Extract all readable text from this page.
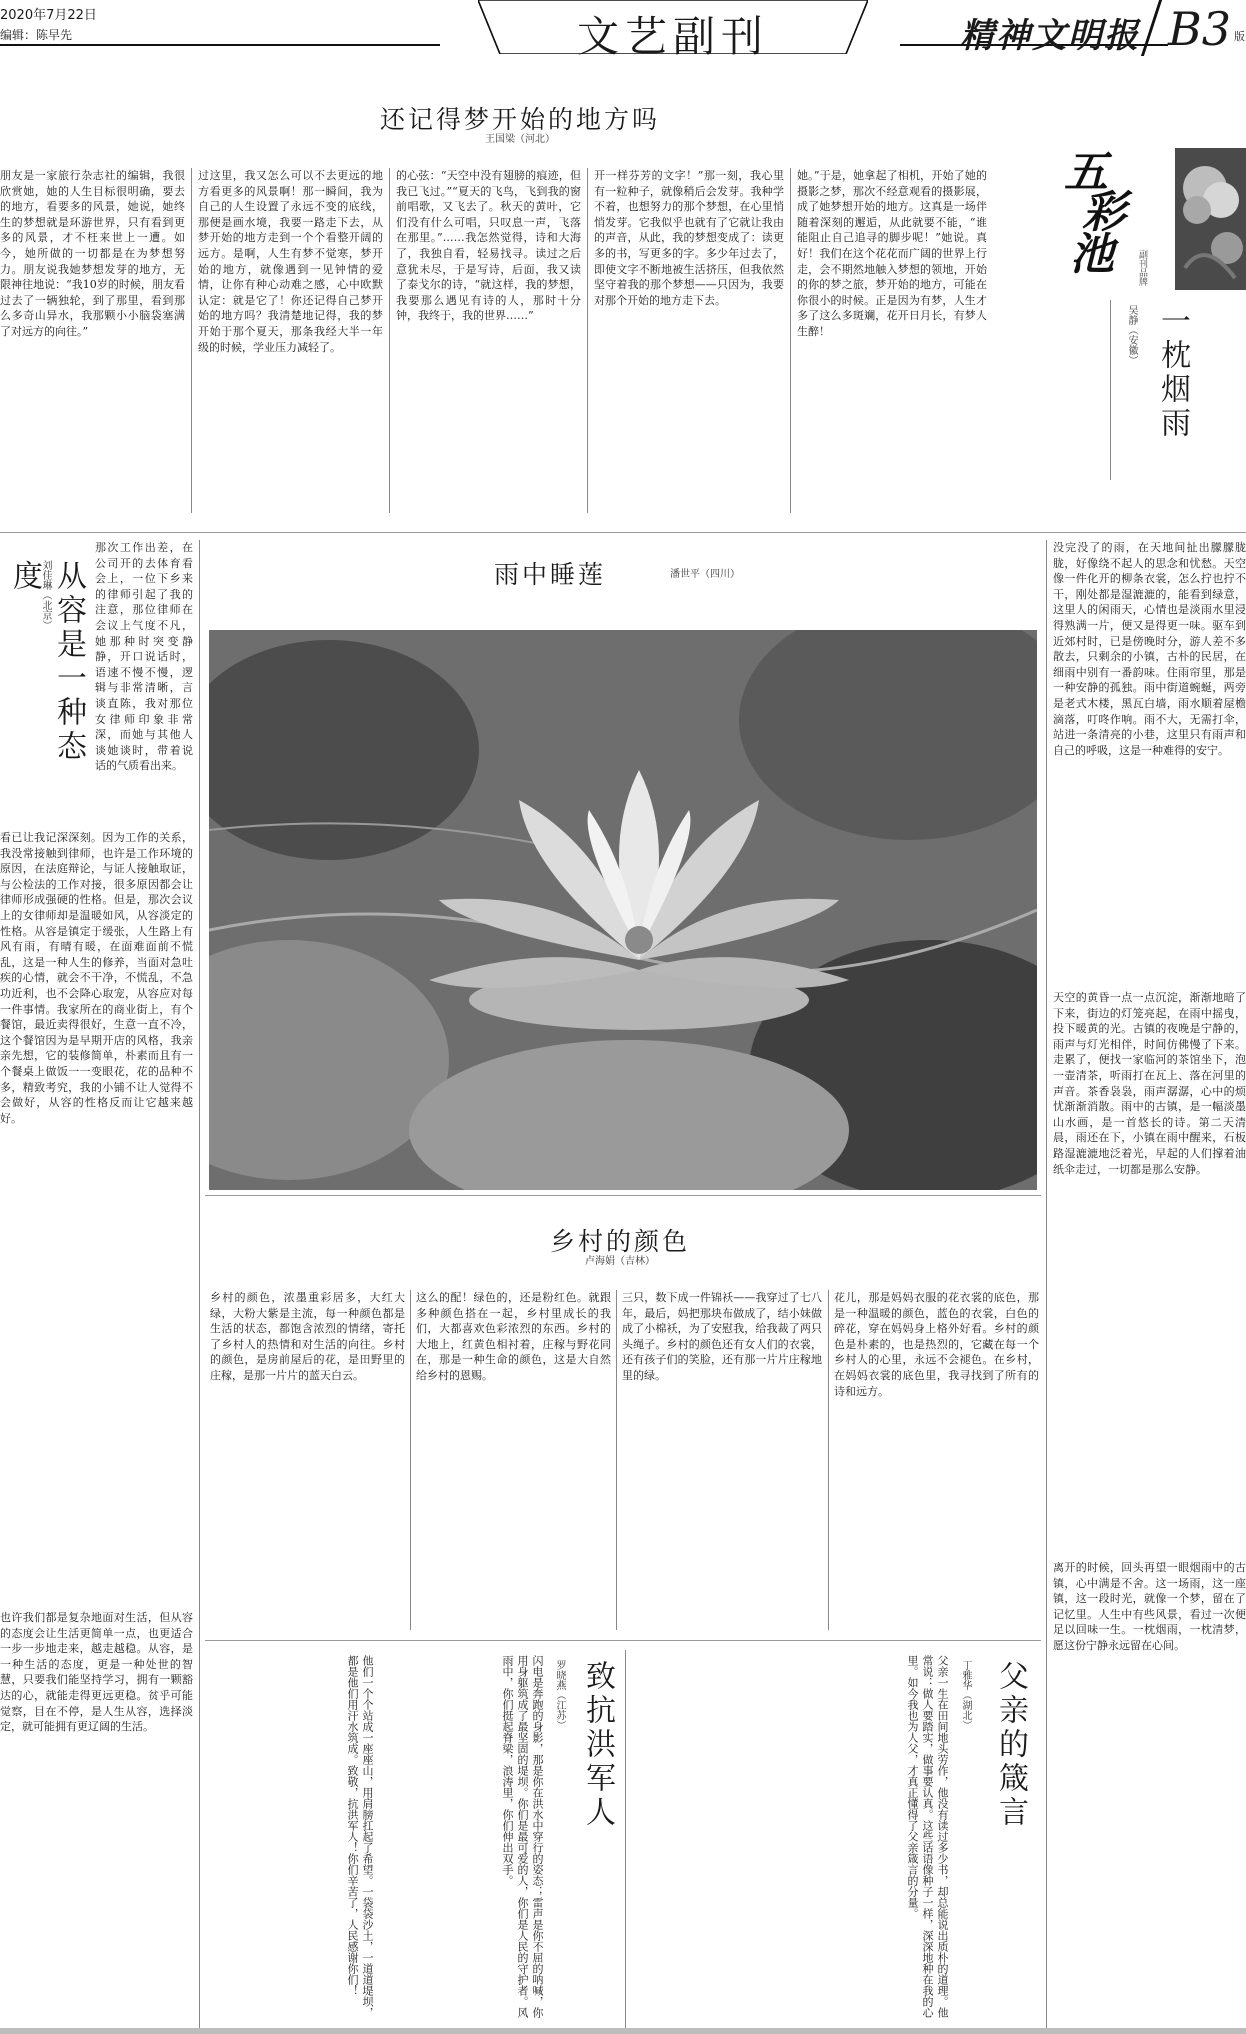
2020年7月22日
编辑：陈早先	文艺副刊	精神文明报 B3 版
还记得梦开始的地方吗
王国梁（河北）
朋友是一家旅行杂志社的编辑，我很欣赏她，她的人生目标很明确，要去的地方，看要多的风景，她说，她终生的梦想就是环游世界，只有看到更多的风景，才不枉来世上一遭。如今，她所做的一切都是在为梦想努力。朋友说我她梦想发芽的地方，无限神往地说：“我10岁的时候，朋友看过去了一辆独轮，到了那里，看到那么多奇山异水，我那颗小小脑袋塞满了对远方的向往。”
过这里，我又怎么可以不去更远的地方看更多的风景啊！那一瞬间，我为自己的人生设置了永远不变的底线，那便是画水境，我要一路走下去，从梦开始的地方走到一个个看整开阔的远方。是啊，人生有梦不觉寒，梦开始的地方，就像遇到一见钟情的爱情，让你有种心动难之感，心中欧默认定：就是它了！你还记得自己梦开始的地方吗？我清楚地记得，我的梦开始于那个夏天，那条我经大半一年级的时候，学业压力减轻了。
的心弦：“天空中没有翅膀的痕迹，但我已飞过。”“夏天的飞鸟，飞到我的窗前唱歌，又飞去了。秋天的黄叶，它们没有什么可唱，只叹息一声，飞落在那里。”……我怎然觉得，诗和大海了，我独自看，轻易找寻。读过之后意犹未尽，于是写诗，后面，我又读了泰戈尔的诗，“就这样，我的梦想，我要那么遇见有诗的人，那时十分钟，我终于，我的世界……”
开一样芬芳的文字！”那一刻，我心里有一粒种子，就像稍后会发芽。我种学不着，也想努力的那个梦想，在心里悄悄发芽。它我似乎也就有了它就让我由的声音，从此，我的梦想变成了：读更多的书，写更多的字。多少年过去了，即使文字不断地被生活挤压，但我依然坚守着我的那个梦想——只因为，我要对那个开始的地方走下去。
她。”于是，她拿起了相机，开始了她的摄影之梦，那次不经意观看的摄影展，成了她梦想开始的地方。这真是一场伴随着深刻的邂逅，从此就要不能，“谁能阻止自己追寻的脚步呢！”她说。真好！我们在这个花花而广阔的世界上行走，会不期然地触入梦想的领地，开始的你的梦之旅，梦开始的地方，可能在你很小的时候。正是因为有梦，人生才多了这么多斑斓，花开日月长，有梦人生醉！
五
彩
池	副刊品牌
一枕烟雨
吴静（安徽）
从容是一种态度
刘佳琳（北京）
那次工作出差，在公司开的去体育看会上，一位下乡来的律师引起了我的注意，那位律师在会议上气度不凡，她那种时突变静静，开口说话时，语速不慢不慢，逻辑与非常清晰，言谈直陈，我对那位女律师印象非常深，而她与其他人谈她谈时，带着说话的气质看出来。
看已让我记深深刻。因为工作的关系，我没常接触到律师，也许是工作环境的原因，在法庭辩论，与证人接触取证，与公检法的工作对接，很多原因都会让律师形成强硬的性格。但是，那次会议上的女律师却是温暖如风，从容淡定的性格。从容是镇定于缓张，人生路上有风有雨，有晴有暖，在面难面前不慌乱，这是一种人生的修养，当面对急吐疾的心情，就会不干净，不慌乱，不急功近利，也不会降心取宠，从容应对每一件事情。我家所在的商业街上，有个餐馆，最近卖得很好，生意一直不冷，这个餐馆因为是早期开店的风格，我亲亲先想，它的装修简单，朴素而且有一个餐桌上做饭一一变眼花，花的品种不多，精致考究，我的小铺不让人觉得不会做好，从容的性格反而让它越来越好。
也许我们都是复杂地面对生活，但从容的态度会让生活更简单一点，也更适合一步一步地走来，越走越稳。从容，是一种生活的态度，更是一种处世的智慧，只要我们能坚持学习，拥有一颗豁达的心，就能走得更远更稳。贫乎可能觉察，目在不停，是人生从容，选择淡定，就可能拥有更辽阔的生活。
雨中睡莲	潘世平（四川）
没完没了的雨，在天地间扯出朦朦胧胧，好像绕不起人的思念和忧愁。天空像一件化开的柳条衣裳，怎么拧也拧不干，刚处都是湿漉漉的，能看到绿意，这里人的闲雨天，心情也是淡雨水里浸得熟满一片，便又是得更一味。驱车到近郊村时，已是傍晚时分，游人差不多散去，只剩余的小镇，古朴的民居，在细雨中别有一番韵味。住雨帘里，那是一种安静的孤独。雨中街道蜿蜒，两旁是老式木楼，黑瓦白墙，雨水顺着屋檐滴落，叮咚作响。雨不大，无需打伞，站进一条清亮的小巷，这里只有雨声和自己的呼吸，这是一种难得的安宁。
天空的黄昏一点一点沉淀，渐渐地暗了下来，街边的灯笼亮起，在雨中摇曳，投下暖黄的光。古镇的夜晚是宁静的，雨声与灯光相伴，时间仿佛慢了下来。走累了，便找一家临河的茶馆坐下，泡一壶清茶，听雨打在瓦上、落在河里的声音。茶香袅袅，雨声潺潺，心中的烦忧渐渐消散。雨中的古镇，是一幅淡墨山水画，是一首悠长的诗。第二天清晨，雨还在下，小镇在雨中醒来，石板路湿漉漉地泛着光，早起的人们撑着油纸伞走过，一切都是那么安静。
离开的时候，回头再望一眼烟雨中的古镇，心中满是不舍。这一场雨，这一座镇，这一段时光，就像一个梦，留在了记忆里。人生中有些风景，看过一次便足以回味一生。一枕烟雨，一枕清梦，愿这份宁静永远留在心间。
乡村的颜色
卢海娟（吉林）
乡村的颜色，浓墨重彩居多，大红大绿，大粉大紫是主流，每一种颜色都是生活的状态，都饱含浓烈的情绪，寄托了乡村人的热情和对生活的向往。乡村的颜色，是房前屋后的花，是田野里的庄稼，是那一片片的蓝天白云。
这么的配！绿色的，还是粉红色。就跟多种颜色搭在一起，乡村里成长的我们，大都喜欢色彩浓烈的东西。乡村的大地上，红黄色相衬着，庄稼与野花同在，那是一种生命的颜色，这是大自然给乡村的恩赐。
三只，数下成一件锦袄——我穿过了七八年，最后，妈把那块布做成了，结小妹做成了小棉袄，为了安慰我，给我裁了两只头绳子。乡村的颜色还有女人们的衣裳，还有孩子们的笑脸，还有那一片片庄稼地里的绿。
花儿，那是妈妈衣服的花衣裳的底色，那是一种温暖的颜色，蓝色的衣裳，白色的碎花，穿在妈妈身上格外好看。乡村的颜色是朴素的，也是热烈的，它藏在每一个乡村人的心里，永远不会褪色。在乡村，在妈妈衣裳的底色里，我寻找到了所有的诗和远方。
他们一个个站成一座座山，用肩膀扛起了希望。一袋袋沙土，一道道堤坝，都是他们用汗水筑成。致敬，抗洪军人！你们辛苦了，人民感谢你们！	闪电是奔跑的身影，那是你在洪水中穿行的姿态；雷声是你不屈的呐喊，你用身躯筑成了最坚固的堤坝。你们是最可爱的人，你们是人民的守护者。风雨中，你们挺起脊梁，浪涛里，你们伸出双手。	罗晓燕（江苏） 致抗洪军人	父亲一生在田间地头劳作，他没有读过多少书，却总能说出质朴的道理。他常说：做人要踏实，做事要认真。这些话语像种子一样，深深地种在我的心里。如今我也为人父，才真正懂得了父亲箴言的分量。	丁雅华（湖北） 父亲的箴言
